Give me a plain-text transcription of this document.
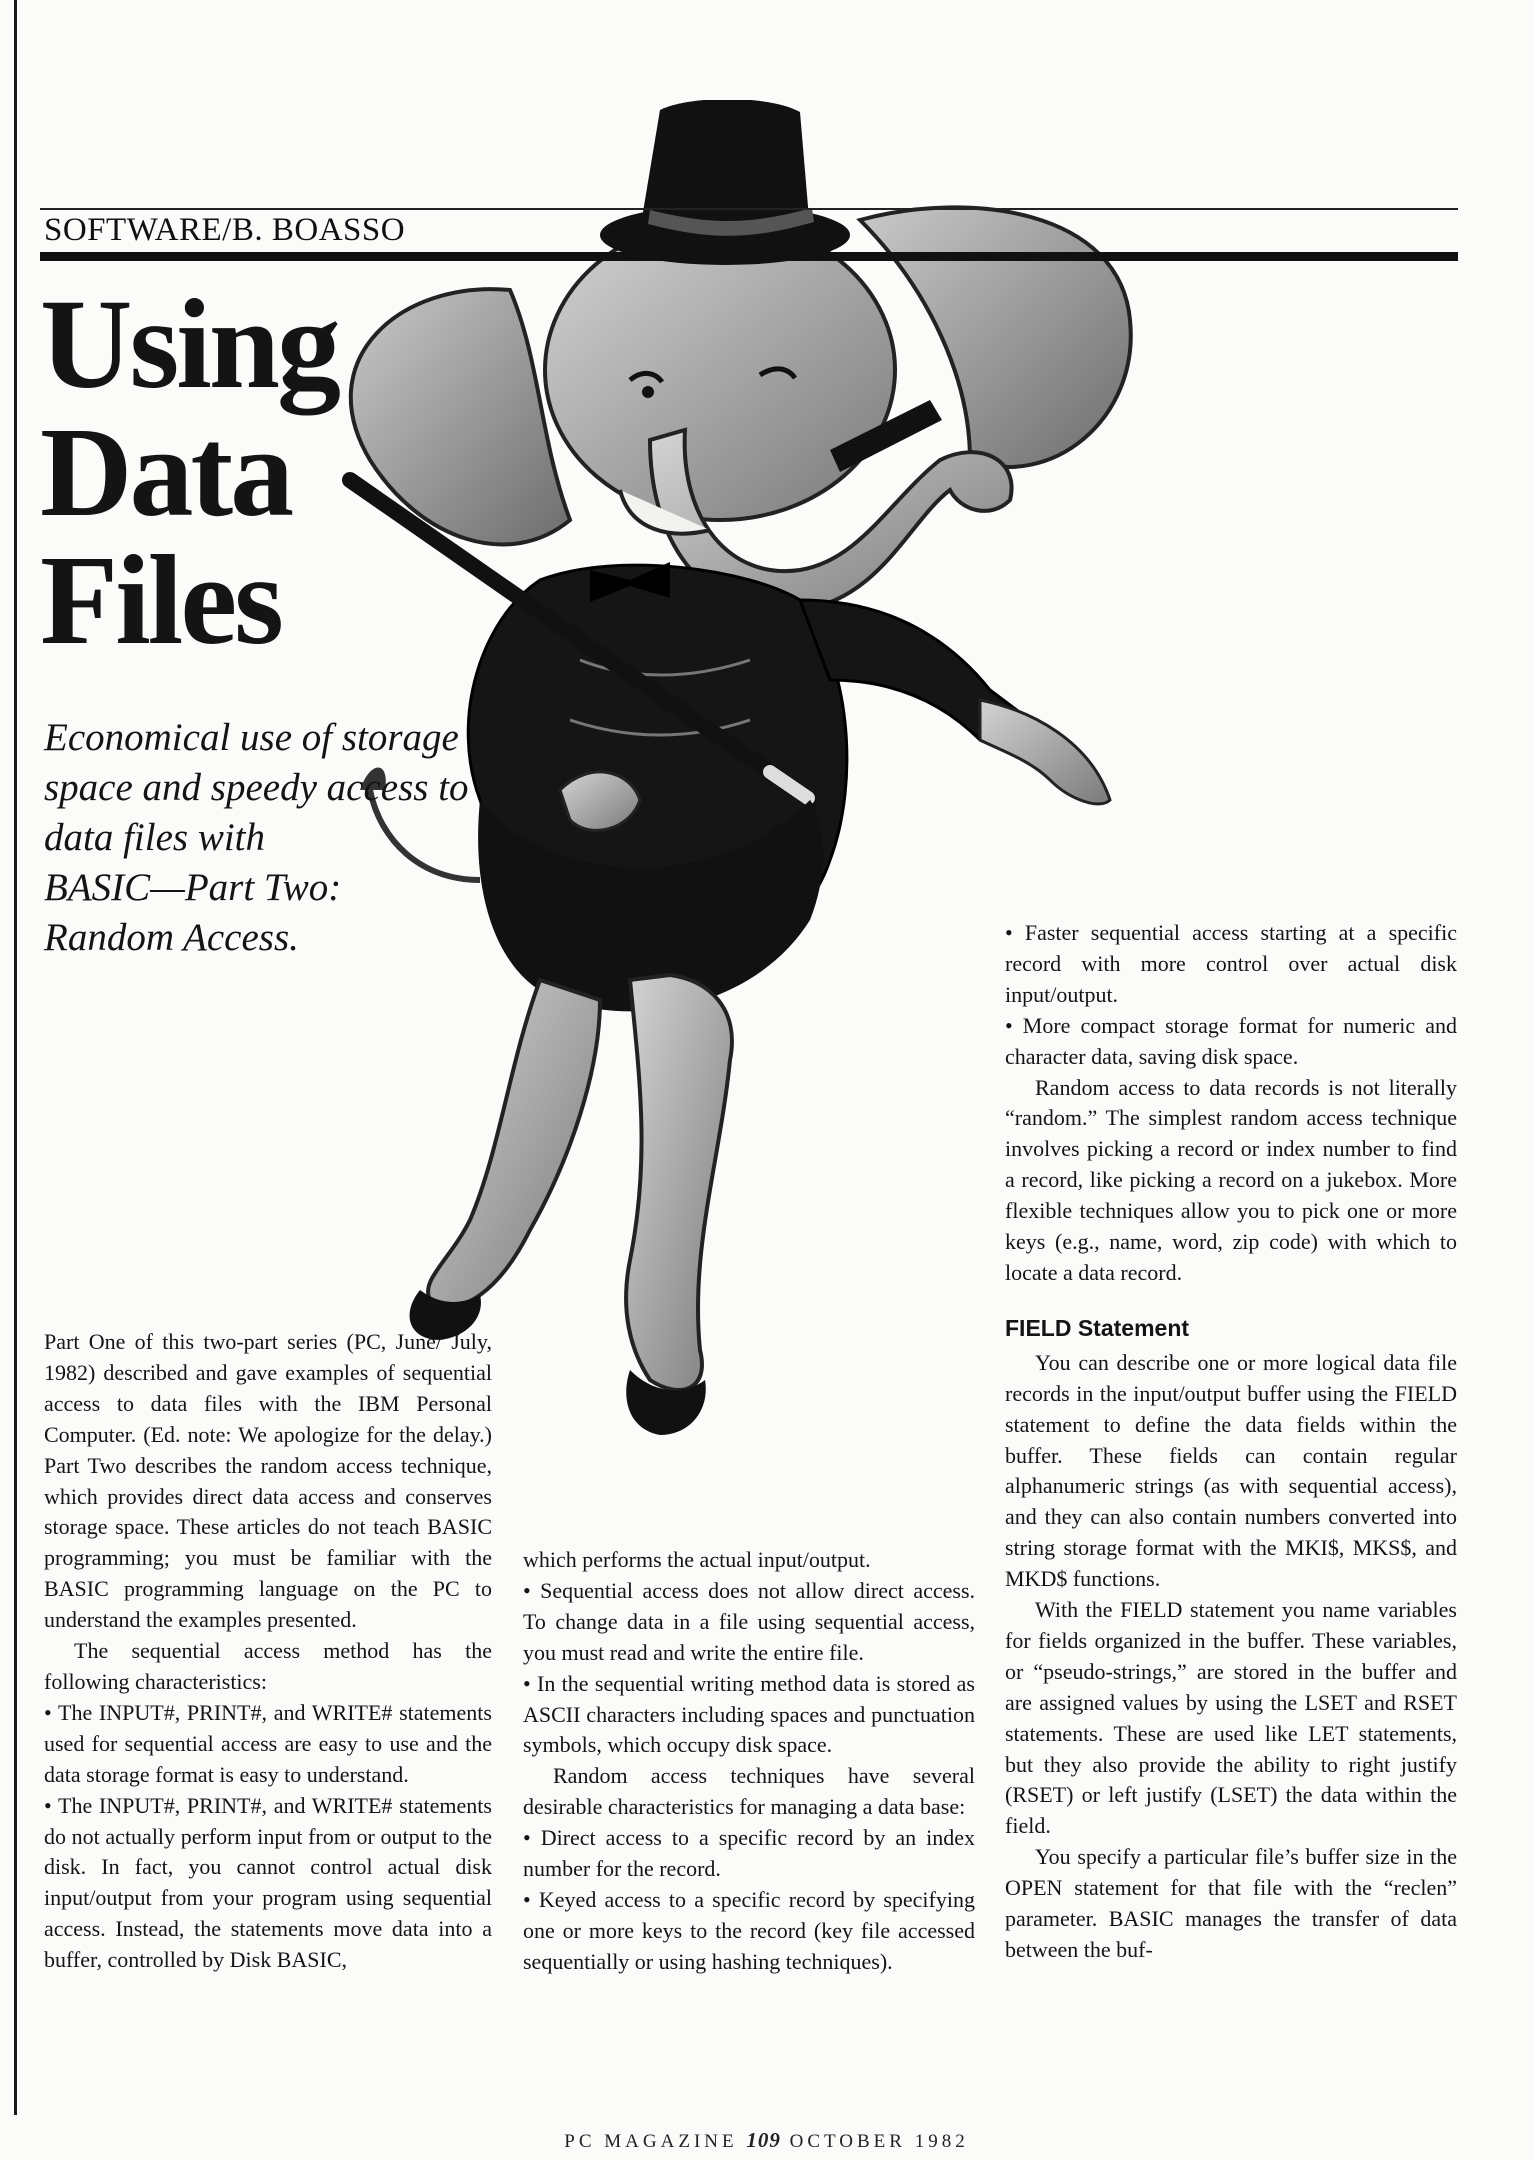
SOFTWARE/B. BOASSO
Using
Data
Files
Economical use of storage
space and speedy access to
data files with
BASIC—Part Two:
Random Access.

Part One of this two-part series (PC, June/ July, 1982) described and gave examples of sequential access to data files with the IBM Personal Computer. (Ed. note: We apologize for the delay.) Part Two describes the random access technique, which provides direct data access and conserves storage space. These articles do not teach BASIC programming; you must be familiar with the BASIC programming language on the PC to understand the examples presented.

The sequential access method has the following characteristics:

• The INPUT#, PRINT#, and WRITE# statements used for sequential access are easy to use and the data storage format is easy to understand.

• The INPUT#, PRINT#, and WRITE# statements do not actually perform input from or output to the disk. In fact, you cannot control actual disk input/output from your program using sequential access. Instead, the statements move data into a buffer, controlled by Disk BASIC,

which performs the actual input/output.

• Sequential access does not allow direct access. To change data in a file using sequential access, you must read and write the entire file.

• In the sequential writing method data is stored as ASCII characters including spaces and punctuation symbols, which occupy disk space.

Random access techniques have several desirable characteristics for managing a data base:

• Direct access to a specific record by an index number for the record.

• Keyed access to a specific record by specifying one or more keys to the record (key file accessed sequentially or using hashing techniques).

• Faster sequential access starting at a specific record with more control over actual disk input/output.

• More compact storage format for numeric and character data, saving disk space.

Random access to data records is not literally “random.” The simplest random access technique involves picking a record or index number to find a record, like picking a record on a jukebox. More flexible techniques allow you to pick one or more keys (e.g., name, word, zip code) with which to locate a data record.

FIELD Statement

You can describe one or more logical data file records in the input/output buffer using the FIELD statement to define the data fields within the buffer. These fields can contain regular alphanumeric strings (as with sequential access), and they can also contain numbers converted into string storage format with the MKI$, MKS$, and MKD$ functions.

With the FIELD statement you name variables for fields organized in the buffer. These variables, or “pseudo-strings,” are stored in the buffer and are assigned values by using the LSET and RSET statements. These are used like LET statements, but they also provide the ability to right justify (RSET) or left justify (LSET) the data within the field.

You specify a particular file’s buffer size in the OPEN statement for that file with the “reclen” parameter. BASIC manages the transfer of data between the buf-

PC MAGAZINE 109 OCTOBER 1982
